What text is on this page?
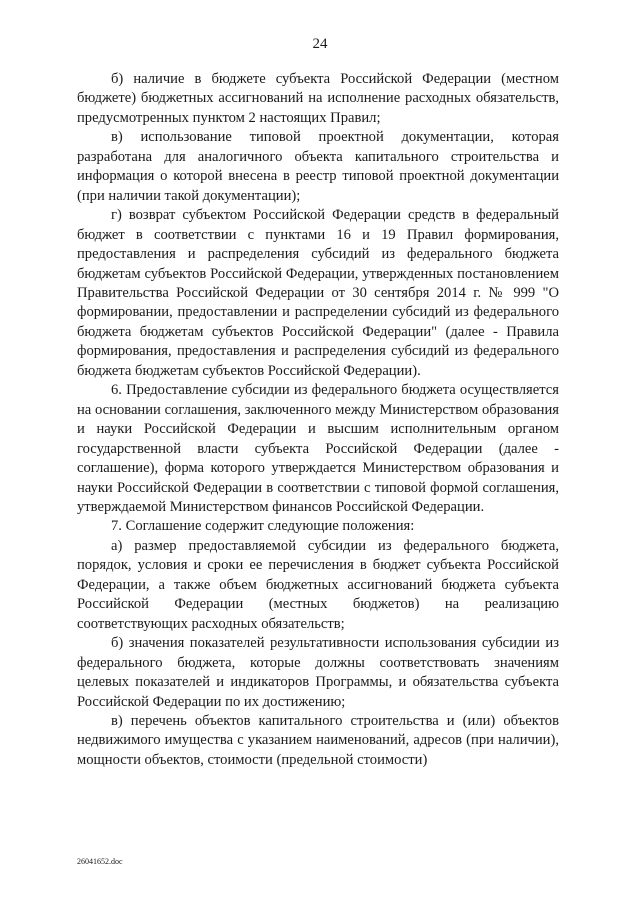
24

б) наличие в бюджете субъекта Российской Федерации (местном бюджете) бюджетных ассигнований на исполнение расходных обязательств, предусмотренных пунктом 2 настоящих Правил;

в) использование типовой проектной документации, которая разработана для аналогичного объекта капитального строительства и информация о которой внесена в реестр типовой проектной документации (при наличии такой документации);

г) возврат субъектом Российской Федерации средств в федеральный бюджет в соответствии с пунктами 16 и 19 Правил формирования, предоставления и распределения субсидий из федерального бюджета бюджетам субъектов Российской Федерации, утвержденных постановлением Правительства Российской Федерации от 30 сентября 2014 г. № 999 "О формировании, предоставлении и распределении субсидий из федерального бюджета бюджетам субъектов Российской Федерации" (далее - Правила формирования, предоставления и распределения субсидий из федерального бюджета бюджетам субъектов Российской Федерации).

6. Предоставление субсидии из федерального бюджета осуществляется на основании соглашения, заключенного между Министерством образования и науки Российской Федерации и высшим исполнительным органом государственной власти субъекта Российской Федерации (далее - соглашение), форма которого утверждается Министерством образования и науки Российской Федерации в соответствии с типовой формой соглашения, утверждаемой Министерством финансов Российской Федерации.

7. Соглашение содержит следующие положения:

а) размер предоставляемой субсидии из федерального бюджета, порядок, условия и сроки ее перечисления в бюджет субъекта Российской Федерации, а также объем бюджетных ассигнований бюджета субъекта Российской Федерации (местных бюджетов) на реализацию соответствующих расходных обязательств;

б) значения показателей результативности использования субсидии из федерального бюджета, которые должны соответствовать значениям целевых показателей и индикаторов Программы, и обязательства субъекта Российской Федерации по их достижению;

в) перечень объектов капитального строительства и (или) объектов недвижимого имущества с указанием наименований, адресов (при наличии), мощности объектов, стоимости (предельной стоимости)

26041652.doc
